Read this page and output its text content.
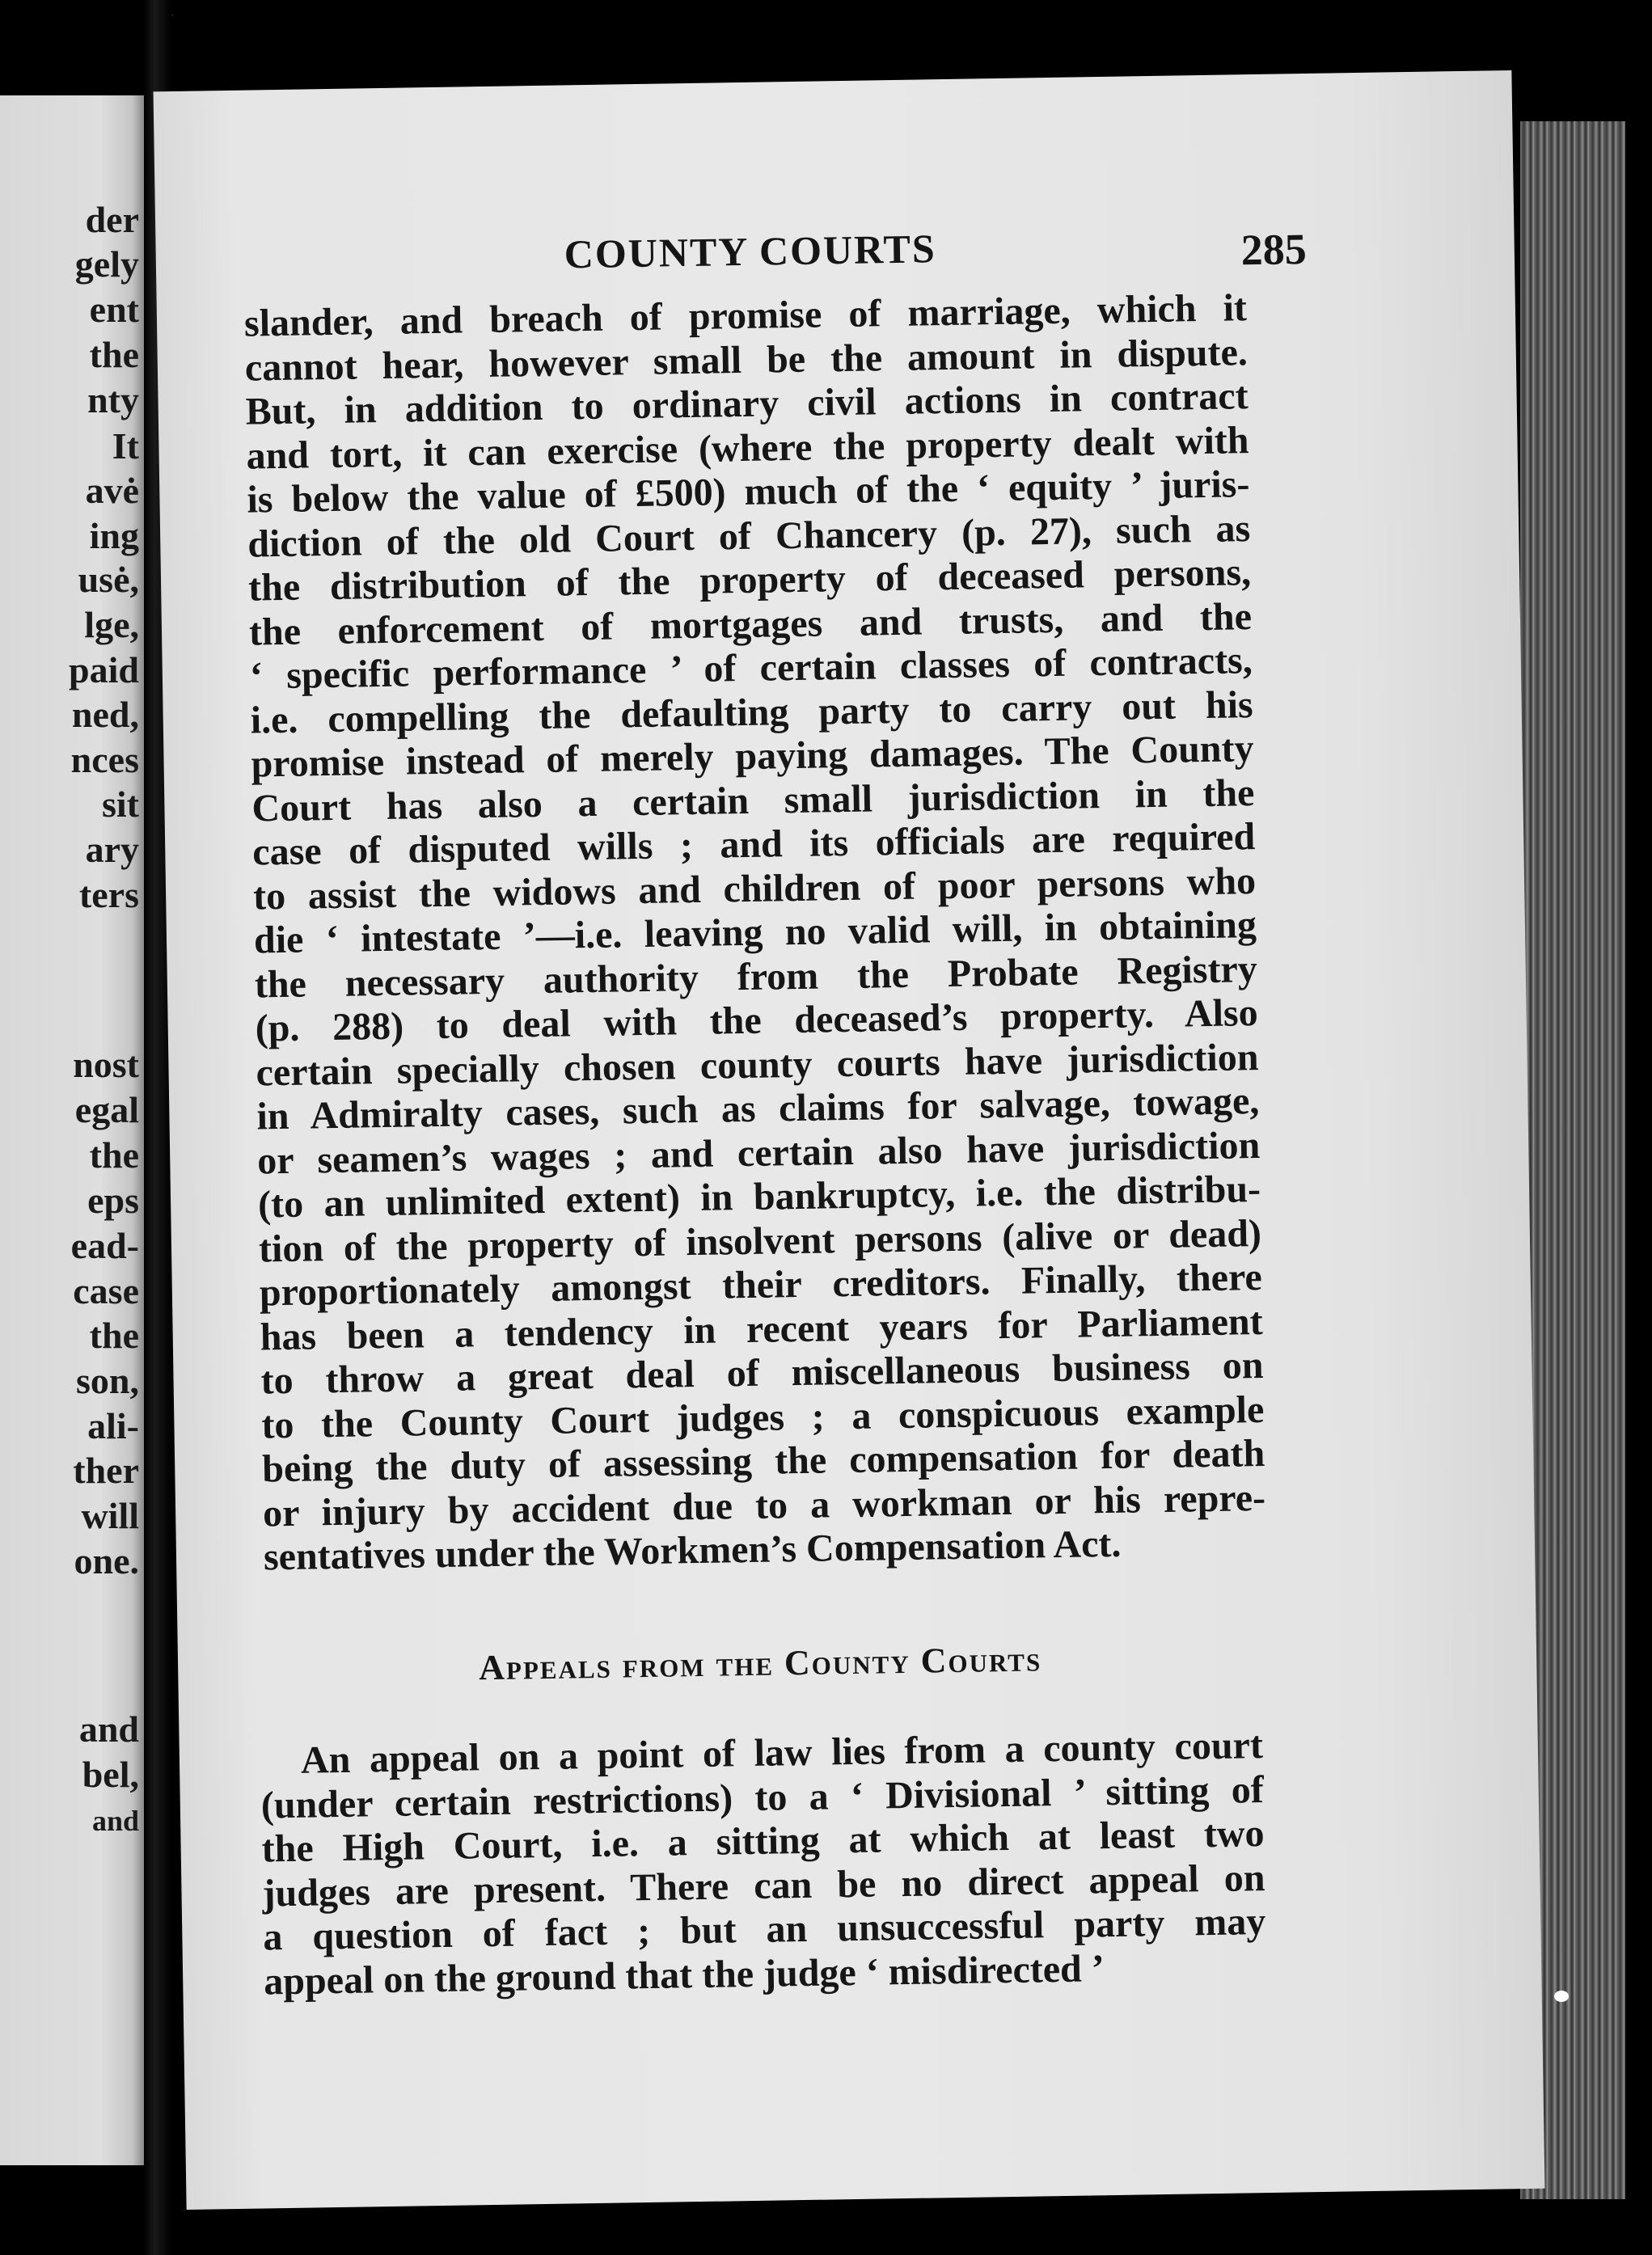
der
gely
ent
the
nty
It
avė
ing
usė,
lge,
paid
ned,
nces
sit
ary
ters
nost
egal
the
eps
ead-
case
the
son,
ali-
ther
will
one.
and
bel,
and
COUNTY COURTS	285
slander, and breach of promise of marriage, which it
cannot hear, however small be the amount in dispute.
But, in addition to ordinary civil actions in contract
and tort, it can exercise (where the property dealt with
is below the value of £500) much of the ‘ equity ’ juris-
diction of the old Court of Chancery (p. 27), such as
the distribution of the property of deceased persons,
the enforcement of mortgages and trusts, and the
‘ specific performance ’ of certain classes of contracts,
i.e. compelling the defaulting party to carry out his
promise instead of merely paying damages. The County
Court has also a certain small jurisdiction in the
case of disputed wills ; and its officials are required
to assist the widows and children of poor persons who
die ‘ intestate ’—i.e. leaving no valid will, in obtaining
the necessary authority from the Probate Registry
(p. 288) to deal with the deceased’s property. Also
certain specially chosen county courts have jurisdiction
in Admiralty cases, such as claims for salvage, towage,
or seamen’s wages ; and certain also have jurisdiction
(to an unlimited extent) in bankruptcy, i.e. the distribu-
tion of the property of insolvent persons (alive or dead)
proportionately amongst their creditors. Finally, there
has been a tendency in recent years for Parliament
to throw a great deal of miscellaneous business on
to the County Court judges ; a conspicuous example
being the duty of assessing the compensation for death
or injury by accident due to a workman or his repre-
sentatives under the Workmen’s Compensation Act.
Appeals from the County Courts
An appeal on a point of law lies from a county court
(under certain restrictions) to a ‘ Divisional ’ sitting of
the High Court, i.e. a sitting at which at least two
judges are present. There can be no direct appeal on
a question of fact ; but an unsuccessful party may
appeal on the ground that the judge ‘ misdirected ’
